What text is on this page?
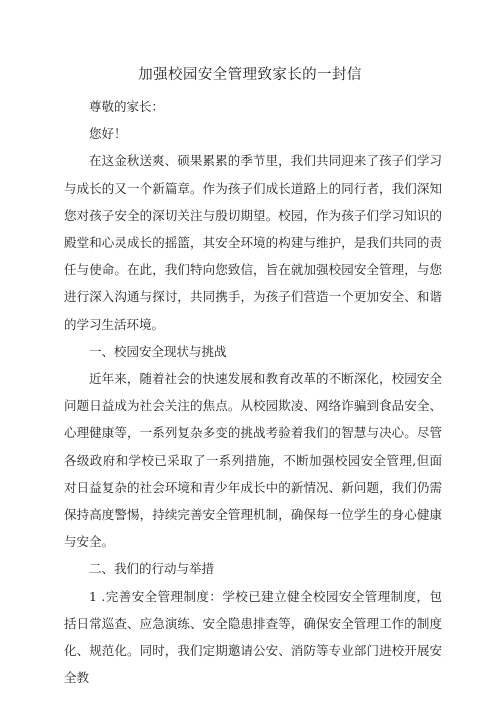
加强校园安全管理致家长的一封信

尊敬的家长：

您好！

在这金秋送爽、硕果累累的季节里，我们共同迎来了孩子们学习与成长的又一个新篇章。作为孩子们成长道路上的同行者，我们深知您对孩子安全的深切关注与殷切期望。校园，作为孩子们学习知识的殿堂和心灵成长的摇篮，其安全环境的构建与维护，是我们共同的责任与使命。在此，我们特向您致信，旨在就加强校园安全管理，与您进行深入沟通与探讨，共同携手，为孩子们营造一个更加安全、和谐的学习生活环境。

一、校园安全现状与挑战

近年来，随着社会的快速发展和教育改革的不断深化，校园安全问题日益成为社会关注的焦点。从校园欺凌、网络诈骗到食品安全、心理健康等，一系列复杂多变的挑战考验着我们的智慧与决心。尽管各级政府和学校已采取了一系列措施，不断加强校园安全管理,但面对日益复杂的社会环境和青少年成长中的新情况、新问题，我们仍需保持高度警惕，持续完善安全管理机制，确保每一位学生的身心健康与安全。

二、我们的行动与举措

1 .完善安全管理制度：学校已建立健全校园安全管理制度，包括日常巡查、应急演练、安全隐患排查等，确保安全管理工作的制度化、规范化。同时，我们定期邀请公安、消防等专业部门进校开展安全教
